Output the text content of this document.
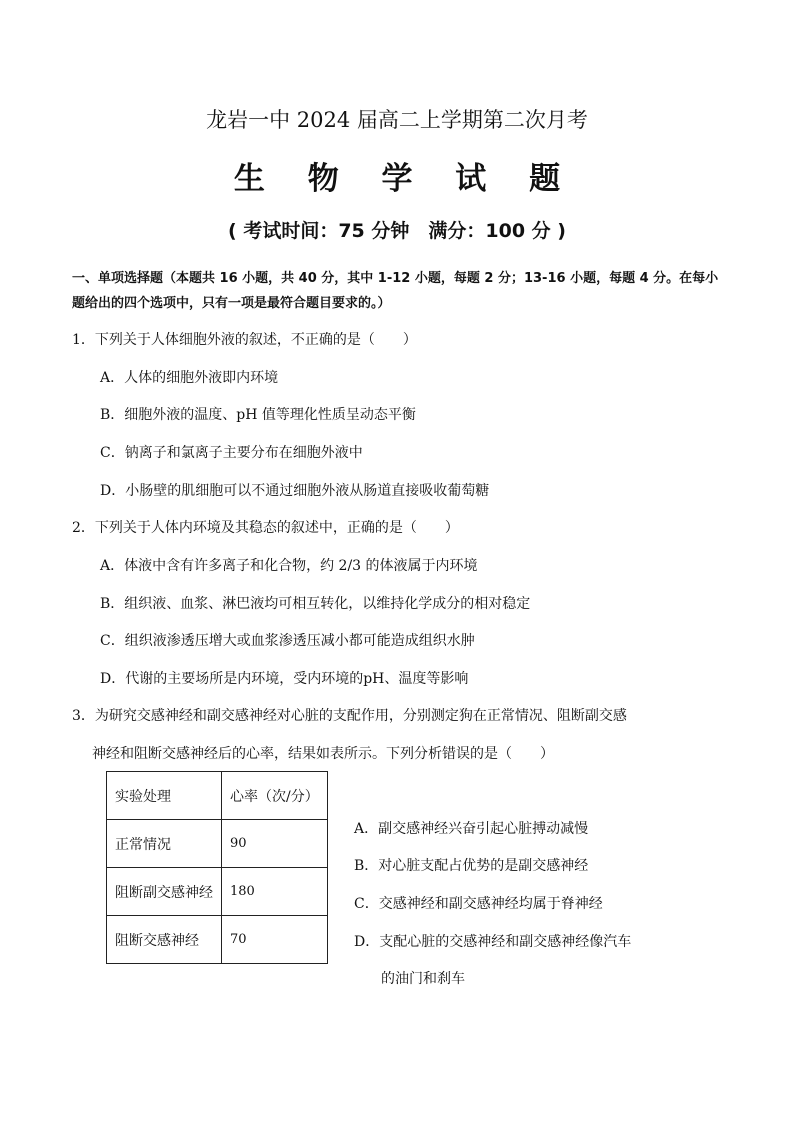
龙岩一中 2024 届高二上学期第二次月考
生 物 学 试 题
( 考试时间：75 分钟　满分：100 分 )
一、单项选择题（本题共 16 小题，共 40 分，其中 1-12 小题，每题 2 分；13-16 小题，每题 4 分。在每小
题给出的四个选项中，只有一项是最符合题目要求的。）
1．下列关于人体细胞外液的叙述，不正确的是（　　）
A．人体的细胞外液即内环境
B．细胞外液的温度、pH 值等理化性质呈动态平衡
C．钠离子和氯离子主要分布在细胞外液中
D．小肠壁的肌细胞可以不通过细胞外液从肠道直接吸收葡萄糖
2．下列关于人体内环境及其稳态的叙述中，正确的是（　　）
A．体液中含有许多离子和化合物，约 2/3 的体液属于内环境
B．组织液、血浆、淋巴液均可相互转化，以维持化学成分的相对稳定
C．组织液渗透压增大或血浆渗透压减小都可能造成组织水肿
D．代谢的主要场所是内环境，受内环境的pH、温度等影响
3．为研究交感神经和副交感神经对心脏的支配作用，分别测定狗在正常情况、阻断副交感
神经和阻断交感神经后的心率，结果如表所示。下列分析错误的是（　　）
实验处理	心率（次/分）
正常情况	90
阻断副交感神经	180
阻断交感神经	70
A．副交感神经兴奋引起心脏搏动减慢
B．对心脏支配占优势的是副交感神经
C．交感神经和副交感神经均属于脊神经
D．支配心脏的交感神经和副交感神经像汽车
的油门和刹车
